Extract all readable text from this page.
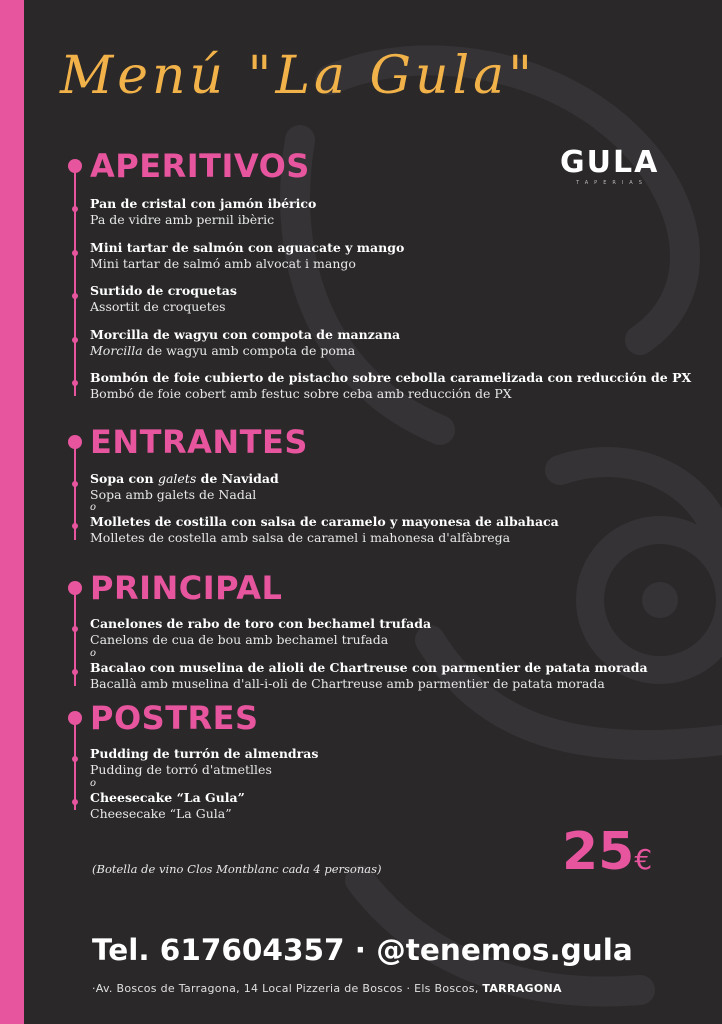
Menú "La Gula"
GULA
TAPERIAS
APERITIVOS
Pan de cristal con jamón ibérico
Pa de vidre amb pernil ibèric
Mini tartar de salmón con aguacate y mango
Mini tartar de salmó amb alvocat i mango
Surtido de croquetas
Assortit de croquetes
Morcilla de wagyu con compota de manzana
Morcilla de wagyu amb compota de poma
Bombón de foie cubierto de pistacho sobre cebolla caramelizada con reducción de PX
Bombó de foie cobert amb festuc sobre ceba amb reducción de PX
ENTRANTES
Sopa con galets de Navidad
Sopa amb galets de Nadal
o
Molletes de costilla con salsa de caramelo y mayonesa de albahaca
Molletes de costella amb salsa de caramel i mahonesa d'alfàbrega
PRINCIPAL
Canelones de rabo de toro con bechamel trufada
Canelons de cua de bou amb bechamel trufada
o
Bacalao con muselina de alioli de Chartreuse con parmentier de patata morada
Bacallà amb muselina d'all-i-oli de Chartreuse amb parmentier de patata morada
POSTRES
Pudding de turrón de almendras
Pudding de torró d'atmetlles
o
Cheesecake “La Gula”
Cheesecake “La Gula”
25€
(Botella de vino Clos Montblanc cada 4 personas)
Tel. 617604357 · @tenemos.gula
·Av. Boscos de Tarragona, 14 Local Pizzeria de Boscos · Els Boscos, TARRAGONA
